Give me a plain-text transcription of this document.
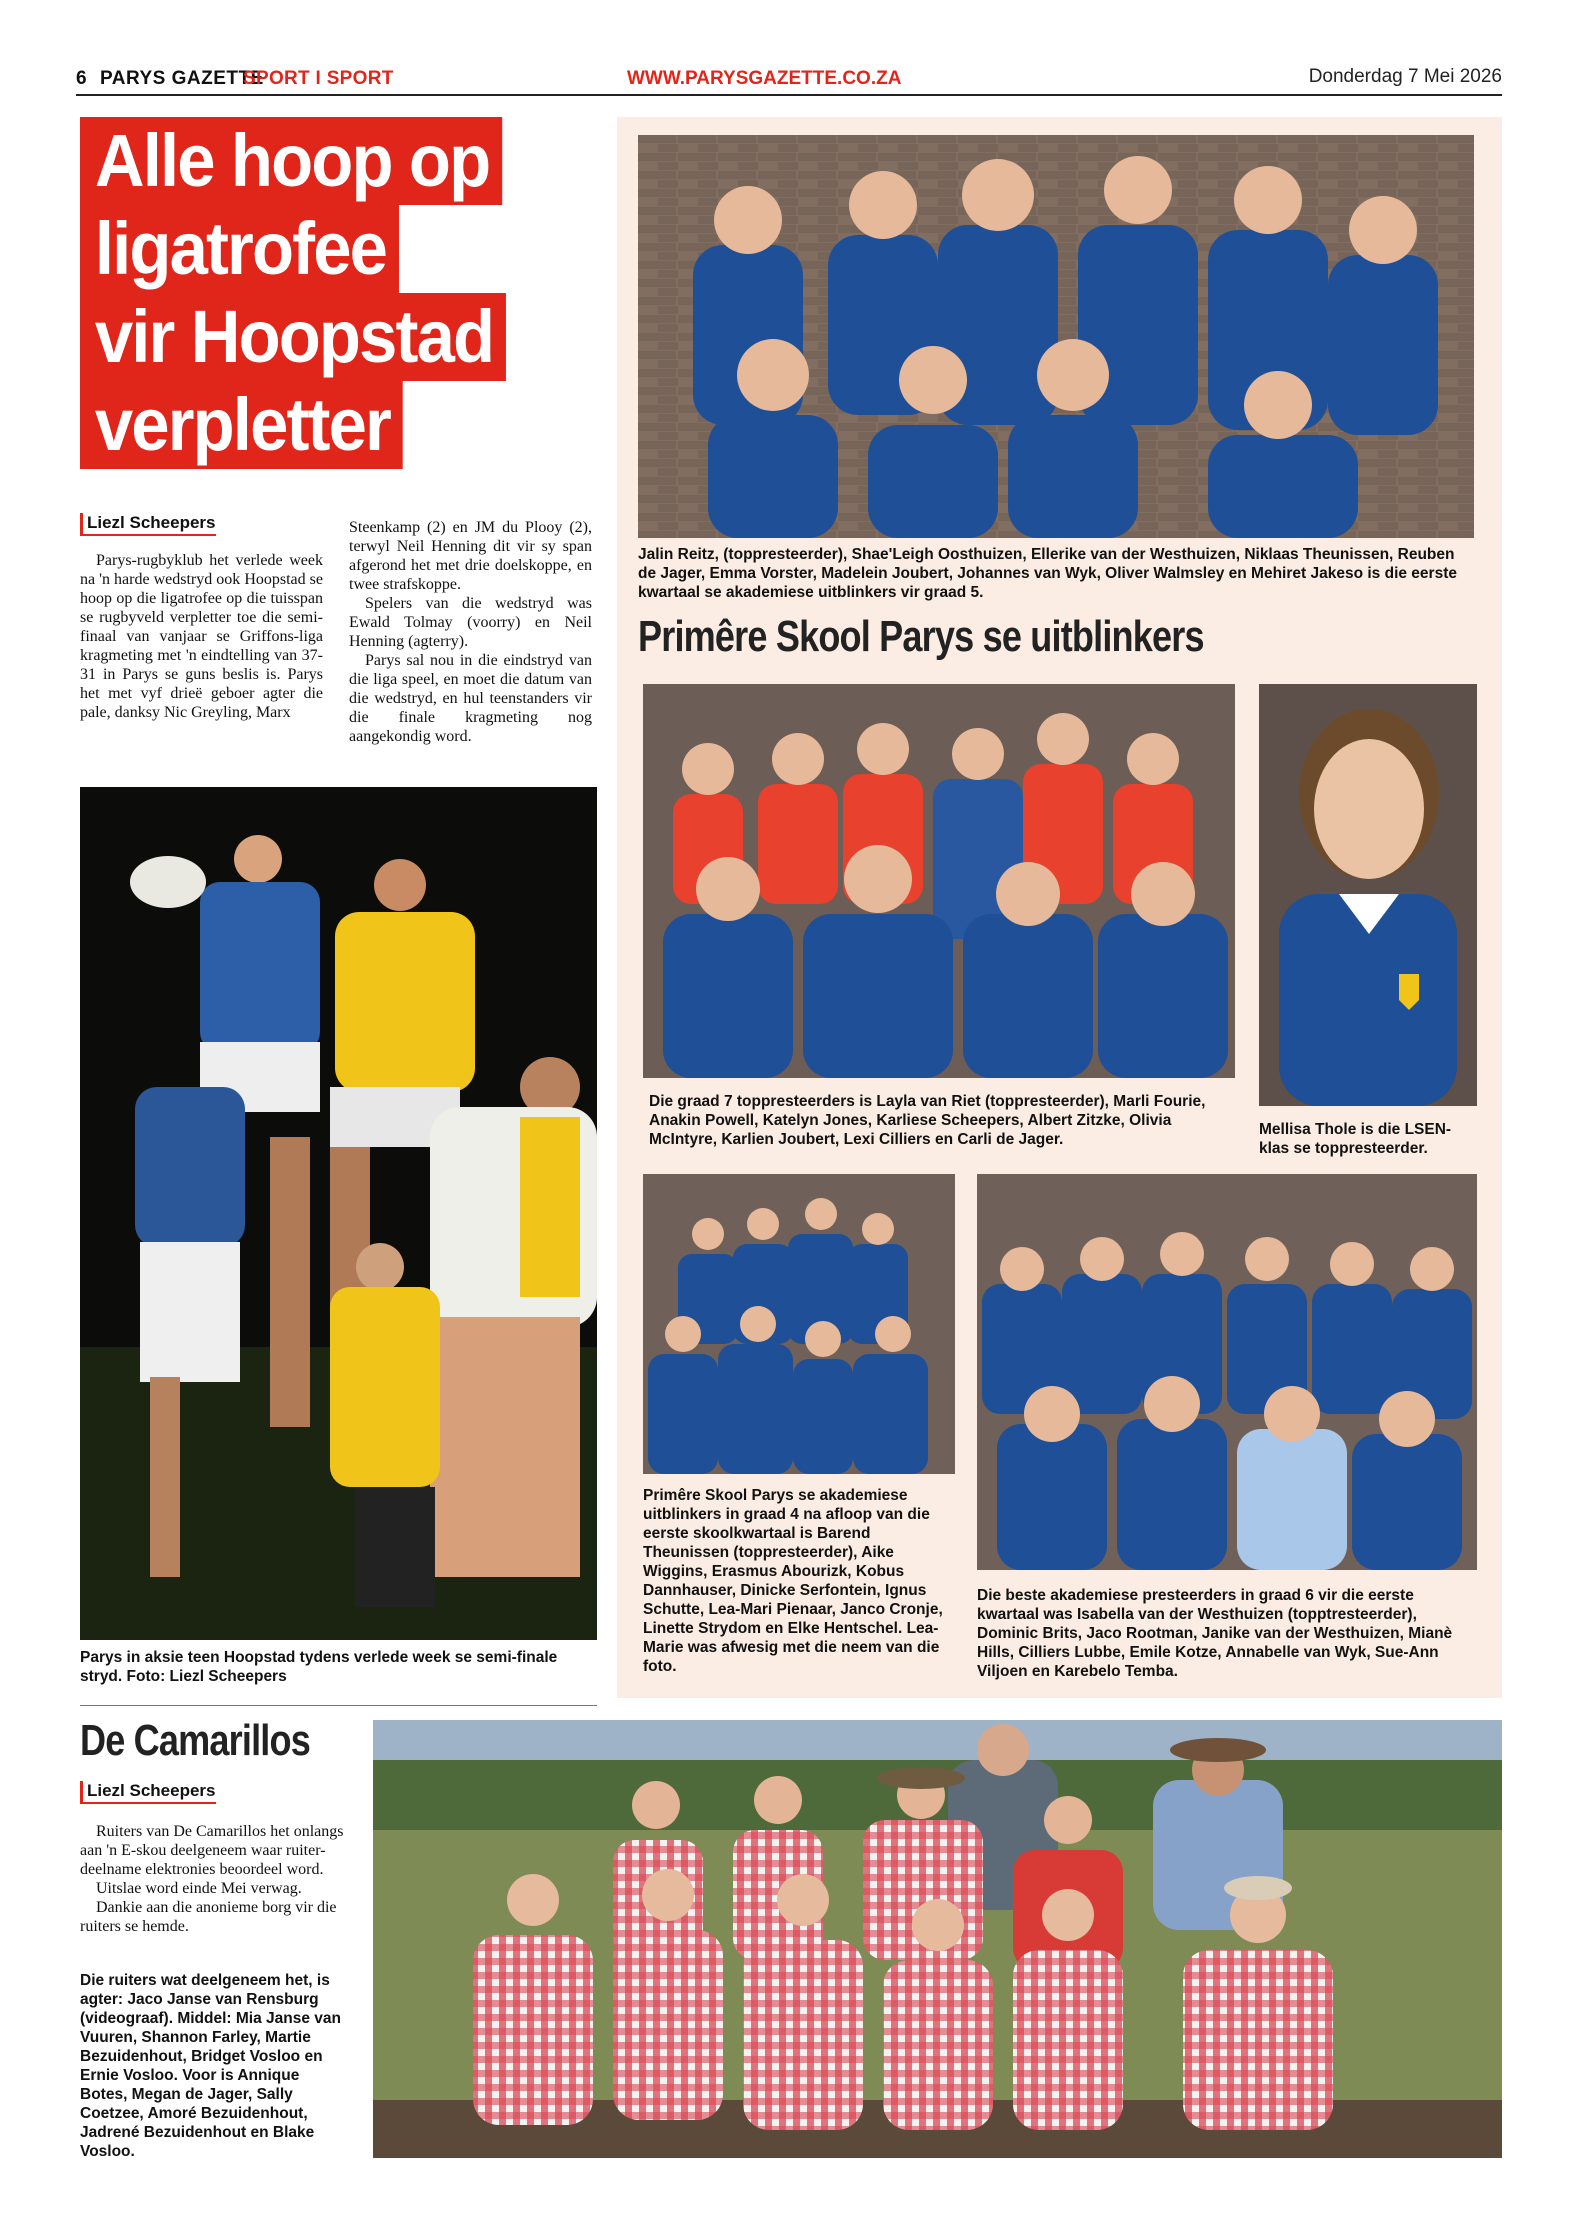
6 PARYS GAZETTE
SPORT I SPORT	WWW.PARYSGAZETTE.CO.ZA	Donderdag 7 Mei 2026
Alle hoop op
ligatrofee
vir Hoopstad
verpletter
Liezl Scheepers

Parys-rugbyklub het verlede week na 'n harde wedstryd ook Hoopstad se hoop op die ligatrofee op die tuisspan se rugbyveld verpletter toe die semi-finaal van vanjaar se Griffons-liga kragmeting met 'n eindtelling van 37-31 in Parys se guns beslis is. Parys het met vyf drieë geboer agter die pale, danksy Nic Greyling, Marx

Steenkamp (2) en JM du Plooy (2), terwyl Neil Henning dit vir sy span afgerond het met drie doelskoppe, en twee strafskoppe.

Spelers van die wedstryd was Ewald Tolmay (voorry) en Neil Henning (agterry).

Parys sal nou in die eindstryd van die liga speel, en moet die datum van die wedstryd, en hul teenstanders vir die finale kragmeting nog aangekondig word.

Parys in aksie teen Hoopstad tydens verlede week se semi-finale stryd. Foto: Liezl Scheepers
Jalin Reitz, (toppresteerder), Shae'Leigh Oosthuizen, Ellerike van der Westhuizen, Niklaas Theunissen, Reuben de Jager, Emma Vorster, Madelein Joubert, Johannes van Wyk, Oliver Walmsley en Mehiret Jakeso is die eerste kwartaal se akademiese uitblinkers vir graad 5.
Primêre Skool Parys se uitblinkers
Die graad 7 toppresteerders is Layla van Riet (toppresteerder), Marli Fourie, Anakin Powell, Katelyn Jones, Karliese Scheepers, Albert Zitzke, Olivia McIntyre, Karlien Joubert, Lexi Cilliers en Carli de Jager.
Mellisa Thole is die LSEN-klas se toppresteerder.
Primêre Skool Parys se akademiese uitblinkers in graad 4 na afloop van die eerste skoolkwartaal is Barend Theunissen (toppresteerder), Aike Wiggins, Erasmus Abourizk, Kobus Dannhauser, Dinicke Serfontein, Ignus Schutte, Lea-Mari Pienaar, Janco Cronje, Linette Strydom en Elke Hentschel. Lea-Marie was afwesig met die neem van die foto.
Die beste akademiese presteerders in graad 6 vir die eerste kwartaal was Isabella van der Westhuizen (topptresteerder), Dominic Brits, Jaco Rootman, Janike van der Westhuizen, Mianè Hills, Cilliers Lubbe, Emile Kotze, Annabelle van Wyk, Sue-Ann Viljoen en Karebelo Temba.
De Camarillos
Liezl Scheepers

Ruiters van De Camarillos het onlangs aan 'n E-skou deelgeneem waar ruiter-deelname elektronies beoordeel word.

Uitslae word einde Mei verwag.

Dankie aan die anonieme borg vir die ruiters se hemde.

Die ruiters wat deelgeneem het, is agter: Jaco Janse van Rensburg (videograaf). Middel: Mia Janse van Vuuren, Shannon Farley, Martie Bezuidenhout, Bridget Vosloo en Ernie Vosloo. Voor is Annique Botes, Megan de Jager, Sally Coetzee, Amoré Bezuidenhout, Jadrené Bezuidenhout en Blake Vosloo.
